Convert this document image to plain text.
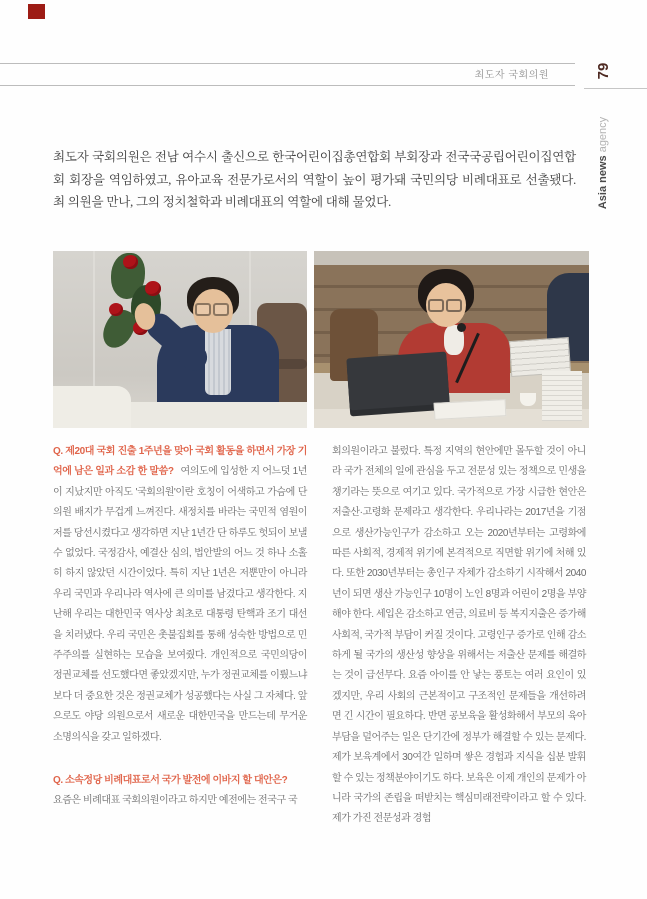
최도자 국회의원	79
Asia news agency
최도자 국회의원은 전남 여수시 출신으로 한국어린이집총연합회 부회장과 전국국공립어린이집연합회 회장을 역임하였고, 유아교육 전문가로서의 역할이 높이 평가돼 국민의당 비례대표로 선출됐다. 최 의원을 만나, 그의 정치철학과 비례대표의 역할에 대해 물었다.

Q. 제20대 국회 진출 1주년을 맞아 국회 활동을 하면서 가장 기억에 남은 일과 소감 한 말씀? 여의도에 입성한 지 어느덧 1년이 지났지만 아직도 '국회의원'이란 호칭이 어색하고 가슴에 단 의원 배지가 무겁게 느껴진다. 새정치를 바라는 국민적 염원이 저를 당선시켰다고 생각하면 지난 1년간 단 하루도 헛되이 보낼 수 없었다. 국정감사, 예결산 심의, 법안발의 어느 것 하나 소홀히 하지 않았던 시간이었다. 특히 지난 1년은 저뿐만이 아니라 우리 국민과 우리나라 역사에 큰 의미를 남겼다고 생각한다. 지난해 우리는 대한민국 역사상 최초로 대통령 탄핵과 조기 대선을 치러냈다. 우리 국민은 촛불집회를 통해 성숙한 방법으로 민주주의를 실현하는 모습을 보여줬다. 개인적으로 국민의당이 정권교체를 선도했다면 좋았겠지만, 누가 정권교체를 이뤘느냐보다 더 중요한 것은 정권교체가 성공했다는 사실 그 자체다. 앞으로도 야당 의원으로서 새로운 대한민국을 만드는데 무거운 소명의식을 갖고 일하겠다.

Q. 소속정당 비례대표로서 국가 발전에 이바지 할 대안은?

요즘은 비례대표 국회의원이라고 하지만 예전에는 전국구 국

회의원이라고 불렀다. 특정 지역의 현안에만 몰두할 것이 아니라 국가 전체의 일에 관심을 두고 전문성 있는 정책으로 민생을 챙기라는 뜻으로 여기고 있다. 국가적으로 가장 시급한 현안은 저출산·고령화 문제라고 생각한다. 우리나라는 2017년을 기점으로 생산가능인구가 감소하고 오는 2020년부터는 고령화에 따른 사회적, 경제적 위기에 본격적으로 직면할 위기에 처해 있다. 또한 2030년부터는 총인구 자체가 감소하기 시작해서 2040년이 되면 생산 가능인구 10명이 노인 8명과 어린이 2명을 부양해야 한다. 세입은 감소하고 연금, 의료비 등 복지지출은 증가해 사회적, 국가적 부담이 커질 것이다. 고령인구 증가로 인해 감소하게 될 국가의 생산성 향상을 위해서는 저출산 문제를 해결하는 것이 급선무다. 요즘 아이를 안 낳는 풍토는 여러 요인이 있겠지만, 우리 사회의 근본적이고 구조적인 문제들을 개선하려면 긴 시간이 필요하다. 반면 공보육을 활성화해서 부모의 육아부담을 덜어주는 일은 단기간에 정부가 해결할 수 있는 문제다. 제가 보육계에서 30여간 일하며 쌓은 경험과 지식을 십분 발휘할 수 있는 정책분야이기도 하다. 보육은 이제 개인의 문제가 아니라 국가의 존립을 떠받치는 핵심미래전략이라고 할 수 있다. 제가 가진 전문성과 경험
